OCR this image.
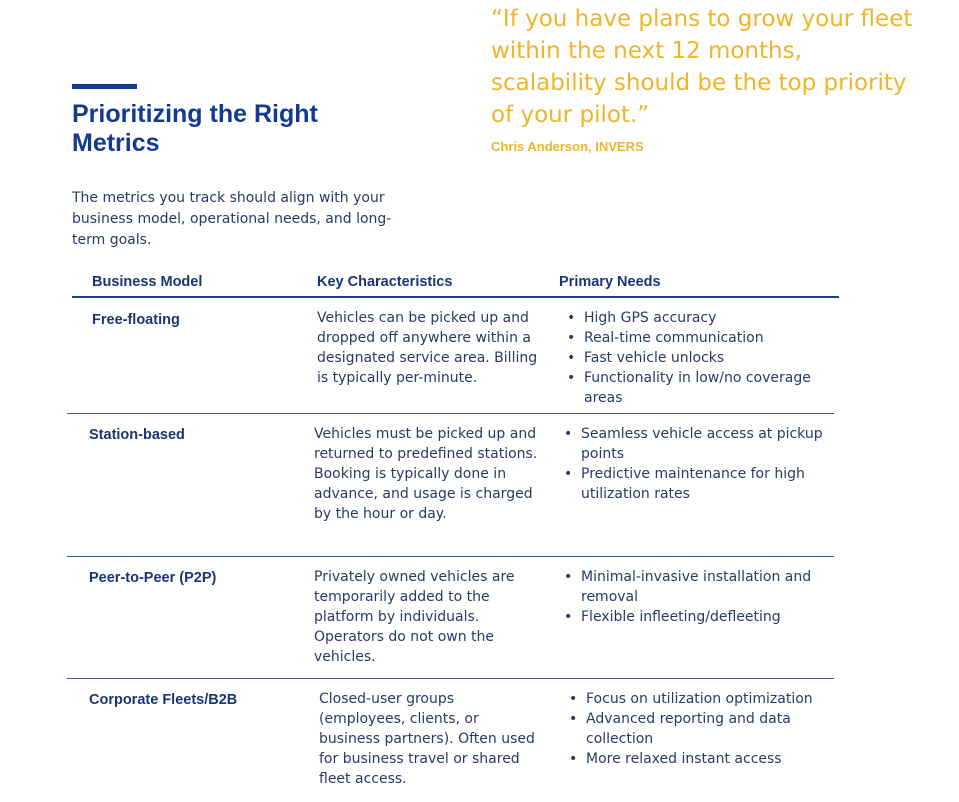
Prioritizing the Right Metrics

“If you have plans to grow your fleet within the next 12 months, scalability should be the top priority of your pilot.”

Chris Anderson, INVERS
The metrics you track should align with your business model, operational needs, and long-term goals.
Business Model	Key Characteristics	Primary Needs
Free-floating	Vehicles can be picked up and dropped off anywhere within a designated service area. Billing is typically per-minute.
• High GPS accuracy
• Real-time communication
• Fast vehicle unlocks
• Functionality in low/no coverage areas
Station-based	Vehicles must be picked up and returned to predefined stations. Booking is typically done in advance, and usage is charged by the hour or day.
• Seamless vehicle access at pickup points
• Predictive maintenance for high utilization rates
Peer-to-Peer (P2P)	Privately owned vehicles are temporarily added to the platform by individuals. Operators do not own the vehicles.
• Minimal-invasive installation and removal
• Flexible infleeting/defleeting
Corporate Fleets/B2B	Closed-user groups (employees, clients, or business partners). Often used for business travel or shared fleet access.
• Focus on utilization optimization
• Advanced reporting and data collection
• More relaxed instant access
